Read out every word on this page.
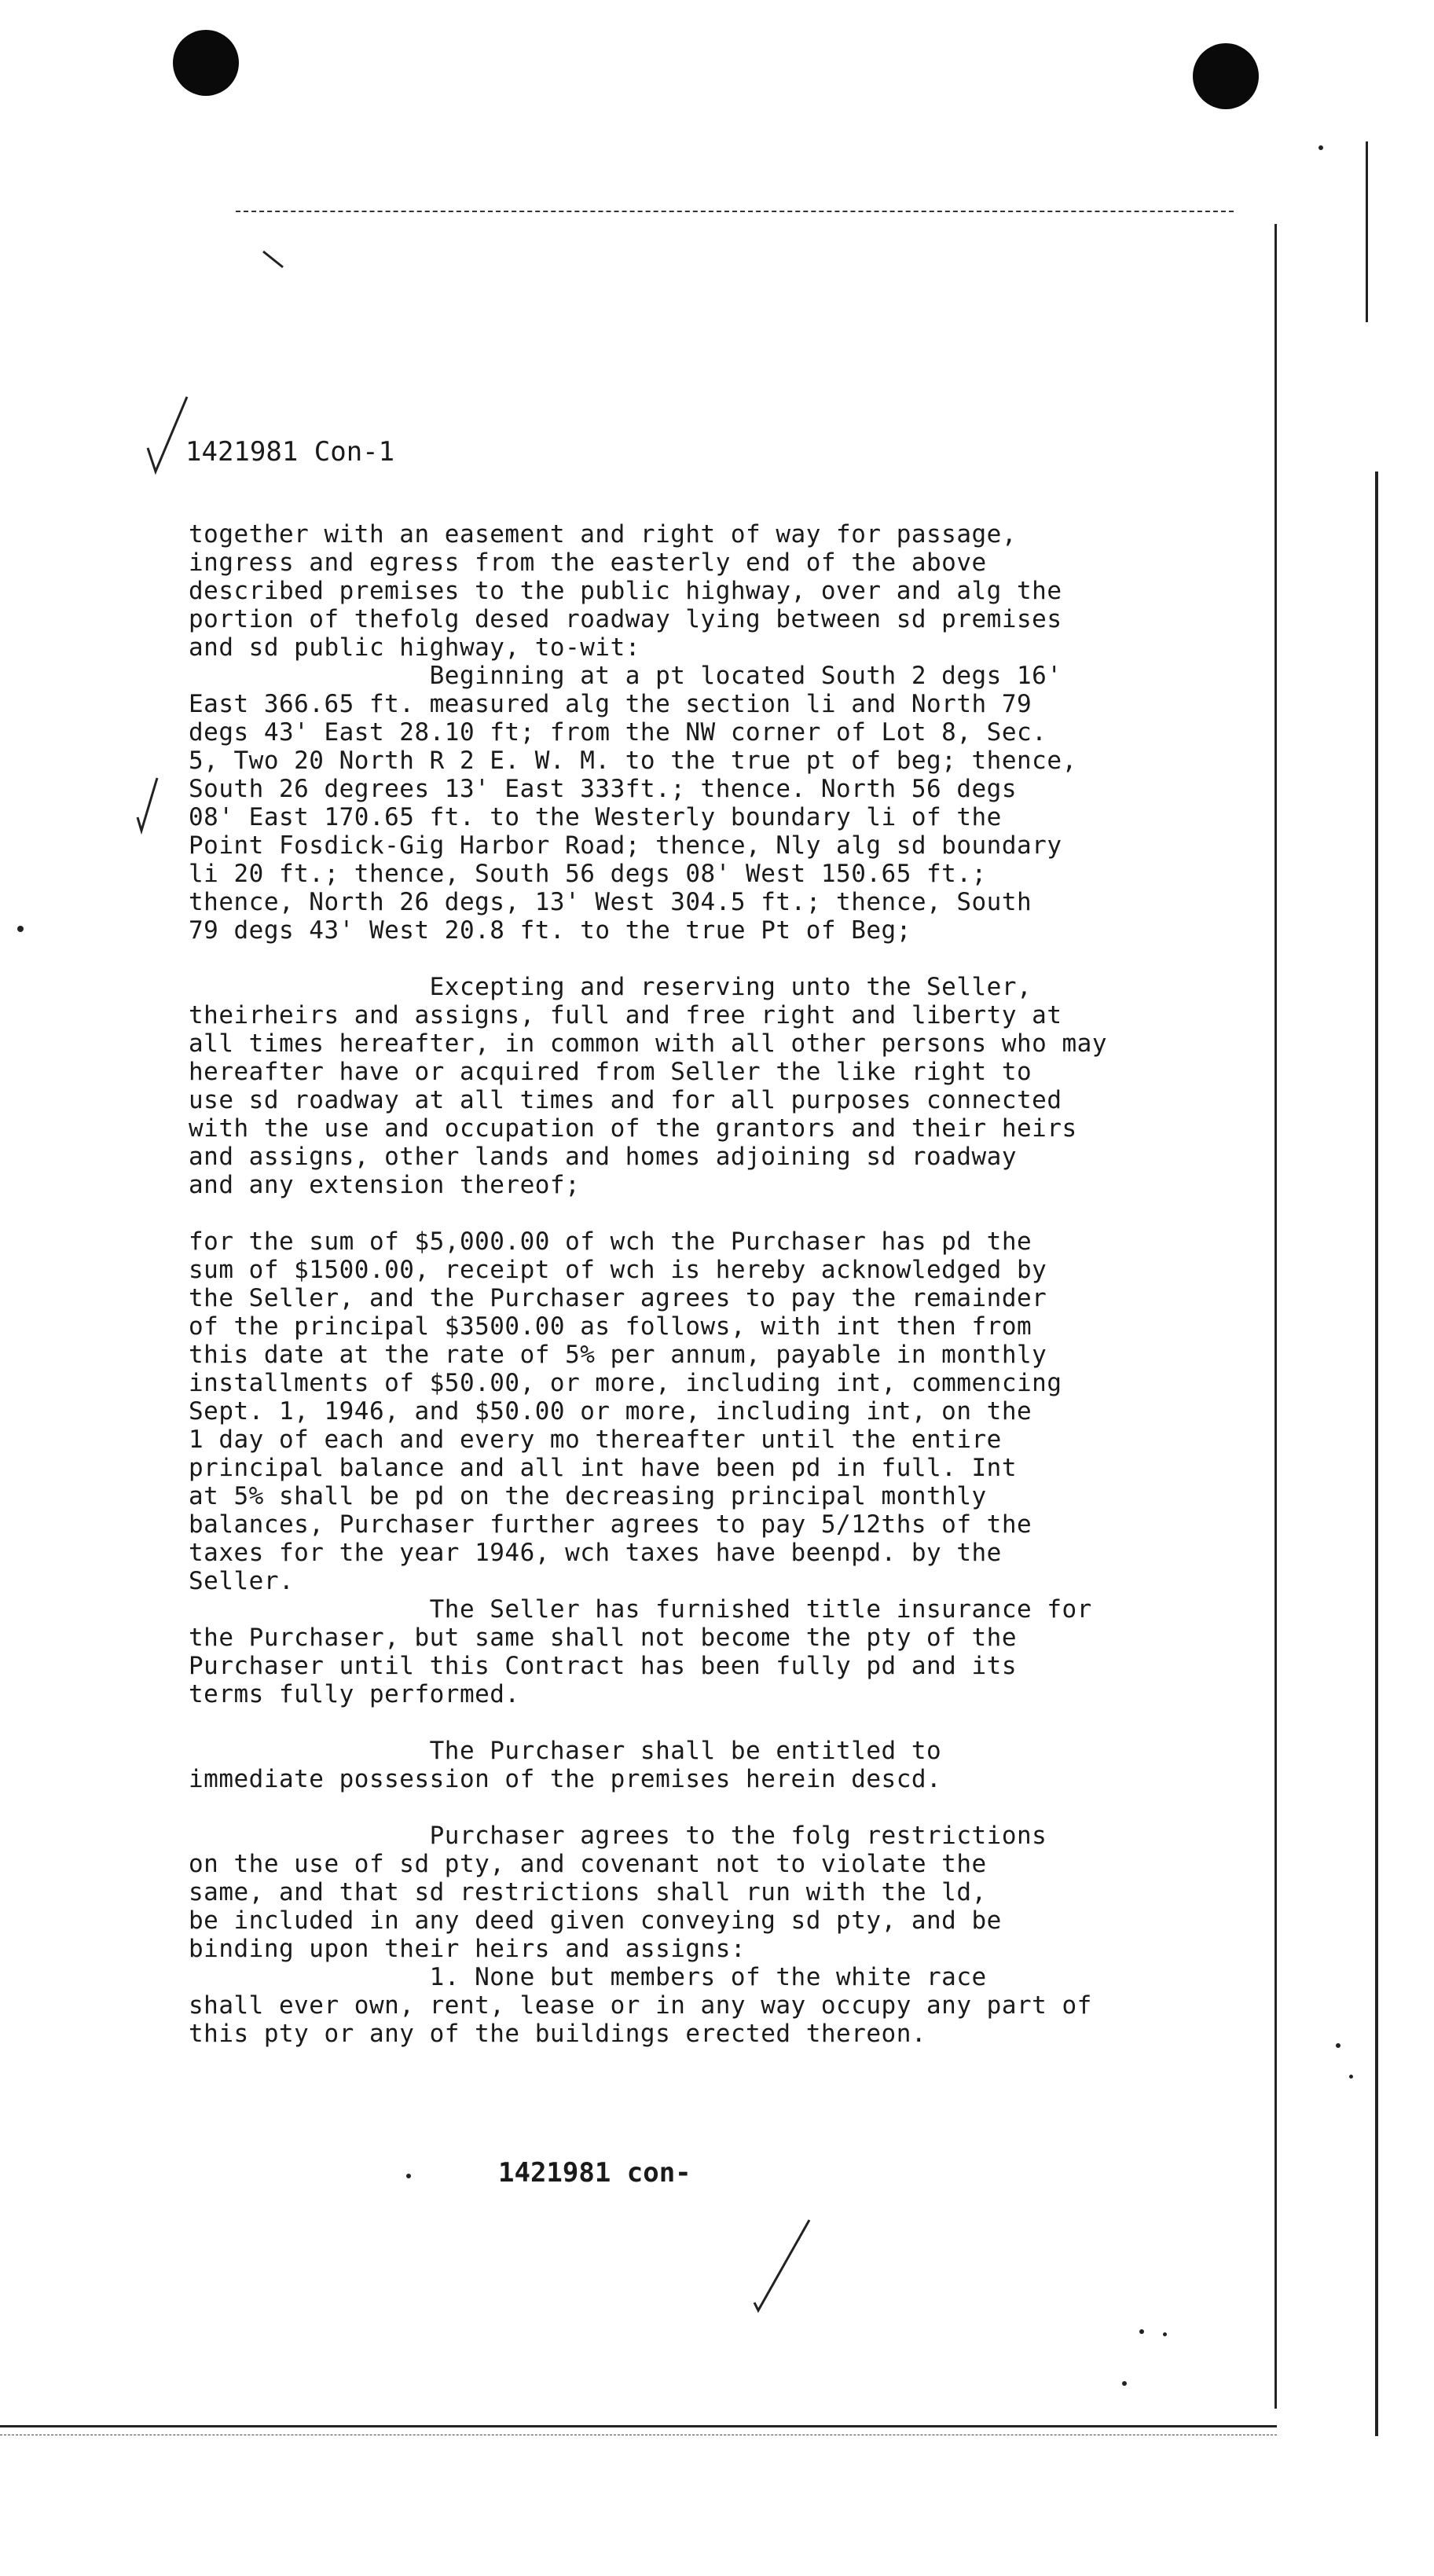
1421981 Con-1
together with an easement and right of way for passage,
ingress and egress from the easterly end of the above
described premises to the public highway, over and alg the
portion of thefolg desed roadway lying between sd premises
and sd public highway, to-wit:
Beginning at a pt located South 2 degs 16'
East 366.65 ft. measured alg the section li and North 79
degs 43' East 28.10 ft; from the NW corner of Lot 8, Sec.
5, Two 20 North R 2 E. W. M. to the true pt of beg; thence,
South 26 degrees 13' East 333ft.; thence. North 56 degs
08' East 170.65 ft. to the Westerly boundary li of the
Point Fosdick-Gig Harbor Road; thence, Nly alg sd boundary
li 20 ft.; thence, South 56 degs 08' West 150.65 ft.;
thence, North 26 degs, 13' West 304.5 ft.; thence, South
79 degs 43' West 20.8 ft. to the true Pt of Beg;

Excepting and reserving unto the Seller,
theirheirs and assigns, full and free right and liberty at
all times hereafter, in common with all other persons who may
hereafter have or acquired from Seller the like right to
use sd roadway at all times and for all purposes connected
with the use and occupation of the grantors and their heirs
and assigns, other lands and homes adjoining sd roadway
and any extension thereof;

for the sum of $5,000.00 of wch the Purchaser has pd the
sum of $1500.00, receipt of wch is hereby acknowledged by
the Seller, and the Purchaser agrees to pay the remainder
of the principal $3500.00 as follows, with int then from
this date at the rate of 5% per annum, payable in monthly
installments of $50.00, or more, including int, commencing
Sept. 1, 1946, and $50.00 or more, including int, on the
1 day of each and every mo thereafter until the entire
principal balance and all int have been pd in full. Int
at 5% shall be pd on the decreasing principal monthly
balances, Purchaser further agrees to pay 5/12ths of the
taxes for the year 1946, wch taxes have beenpd. by the
Seller.
The Seller has furnished title insurance for
the Purchaser, but same shall not become the pty of the
Purchaser until this Contract has been fully pd and its
terms fully performed.

The Purchaser shall be entitled to
immediate possession of the premises herein descd.

Purchaser agrees to the folg restrictions
on the use of sd pty, and covenant not to violate the
same, and that sd restrictions shall run with the ld,
be included in any deed given conveying sd pty, and be
binding upon their heirs and assigns:
1. None but members of the white race
shall ever own, rent, lease or in any way occupy any part of
this pty or any of the buildings erected thereon.
1421981 con-
